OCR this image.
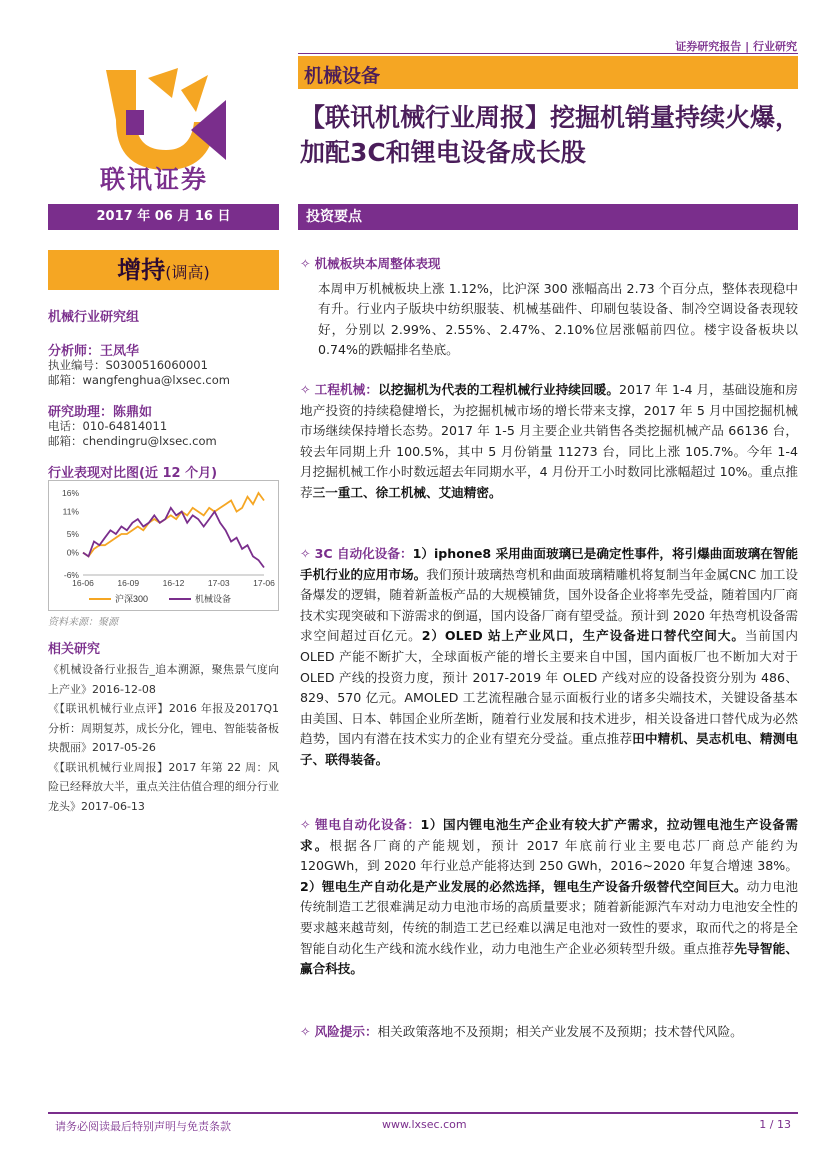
证券研究报告 | 行业研究
联讯证券
机械设备
【联讯机械行业周报】挖掘机销量持续火爆，加配3C和锂电设备成长股
2017 年 06 月 16 日	投资要点
增持(调高)
机械行业研究组
分析师：王凤华
执业编号：S0300516060001
邮箱：wangfenghua@lxsec.com
研究助理：陈鼎如
电话：010-64814011
邮箱：chendingru@lxsec.com
行业表现对比图(近 12 个月)
16%
11%
5%
0%
-6%
16-06	16-09	16-12	17-03	17-06
沪深300	机械设备
资料来源：聚源
相关研究
《机械设备行业报告_追本溯源，聚焦景气度向上产业》2016-12-08
《【联讯机械行业点评】2016 年报及2017Q1 分析：周期复苏，成长分化，锂电、智能装备板块靓丽》2017-05-26
《【联讯机械行业周报】2017 年第 22 周：风险已经释放大半，重点关注估值合理的细分行业龙头》2017-06-13
✧ 机械板块本周整体表现
本周申万机械板块上涨 1.12%，比沪深 300 涨幅高出 2.73 个百分点，整体表现稳中有升。行业内子版块中纺织服装、机械基础件、印刷包装设备、制冷空调设备表现较好，分别以 2.99%、2.55%、2.47%、2.10%位居涨幅前四位。楼宇设备板块以 0.74%的跌幅排名垫底。
✧ 工程机械：以挖掘机为代表的工程机械行业持续回暖。2017 年 1-4 月，基础设施和房地产投资的持续稳健增长，为挖掘机械市场的增长带来支撑，2017 年 5 月中国挖掘机械市场继续保持增长态势。2017 年 1-5 月主要企业共销售各类挖掘机械产品 66136 台，较去年同期上升 100.5%，其中 5 月份销量 11273 台，同比上涨 105.7%。今年 1-4 月挖掘机械工作小时数远超去年同期水平，4 月份开工小时数同比涨幅超过 10%。重点推荐三一重工、徐工机械、艾迪精密。
✧ 3C 自动化设备：1）iphone8 采用曲面玻璃已是确定性事件，将引爆曲面玻璃在智能手机行业的应用市场。我们预计玻璃热弯机和曲面玻璃精雕机将复制当年金属CNC 加工设备爆发的逻辑，随着新盖板产品的大规模铺货，国外设备企业将率先受益，随着国内厂商技术实现突破和下游需求的倒逼，国内设备厂商有望受益。预计到 2020 年热弯机设备需求空间超过百亿元。2）OLED 站上产业风口，生产设备进口替代空间大。当前国内 OLED 产能不断扩大，全球面板产能的增长主要来自中国，国内面板厂也不断加大对于 OLED 产线的投资力度，预计 2017-2019 年 OLED 产线对应的设备投资分别为 486、829、570 亿元。AMOLED 工艺流程融合显示面板行业的诸多尖端技术，关键设备基本由美国、日本、韩国企业所垄断，随着行业发展和技术进步，相关设备进口替代成为必然趋势，国内有潜在技术实力的企业有望充分受益。重点推荐田中精机、昊志机电、精测电子、联得装备。
✧ 锂电自动化设备：1）国内锂电池生产企业有较大扩产需求，拉动锂电池生产设备需求。根据各厂商的产能规划，预计 2017 年底前行业主要电芯厂商总产能约为 120GWh，到 2020 年行业总产能将达到 250 GWh，2016~2020 年复合增速 38%。2）锂电生产自动化是产业发展的必然选择，锂电生产设备升级替代空间巨大。动力电池传统制造工艺很难满足动力电池市场的高质量要求；随着新能源汽车对动力电池安全性的要求越来越苛刻，传统的制造工艺已经难以满足电池对一致性的要求，取而代之的将是全智能自动化生产线和流水线作业，动力电池生产企业必须转型升级。重点推荐先导智能、赢合科技。
✧ 风险提示：相关政策落地不及预期；相关产业发展不及预期；技术替代风险。
请务必阅读最后特别声明与免责条款	www.lxsec.com	1 / 13
